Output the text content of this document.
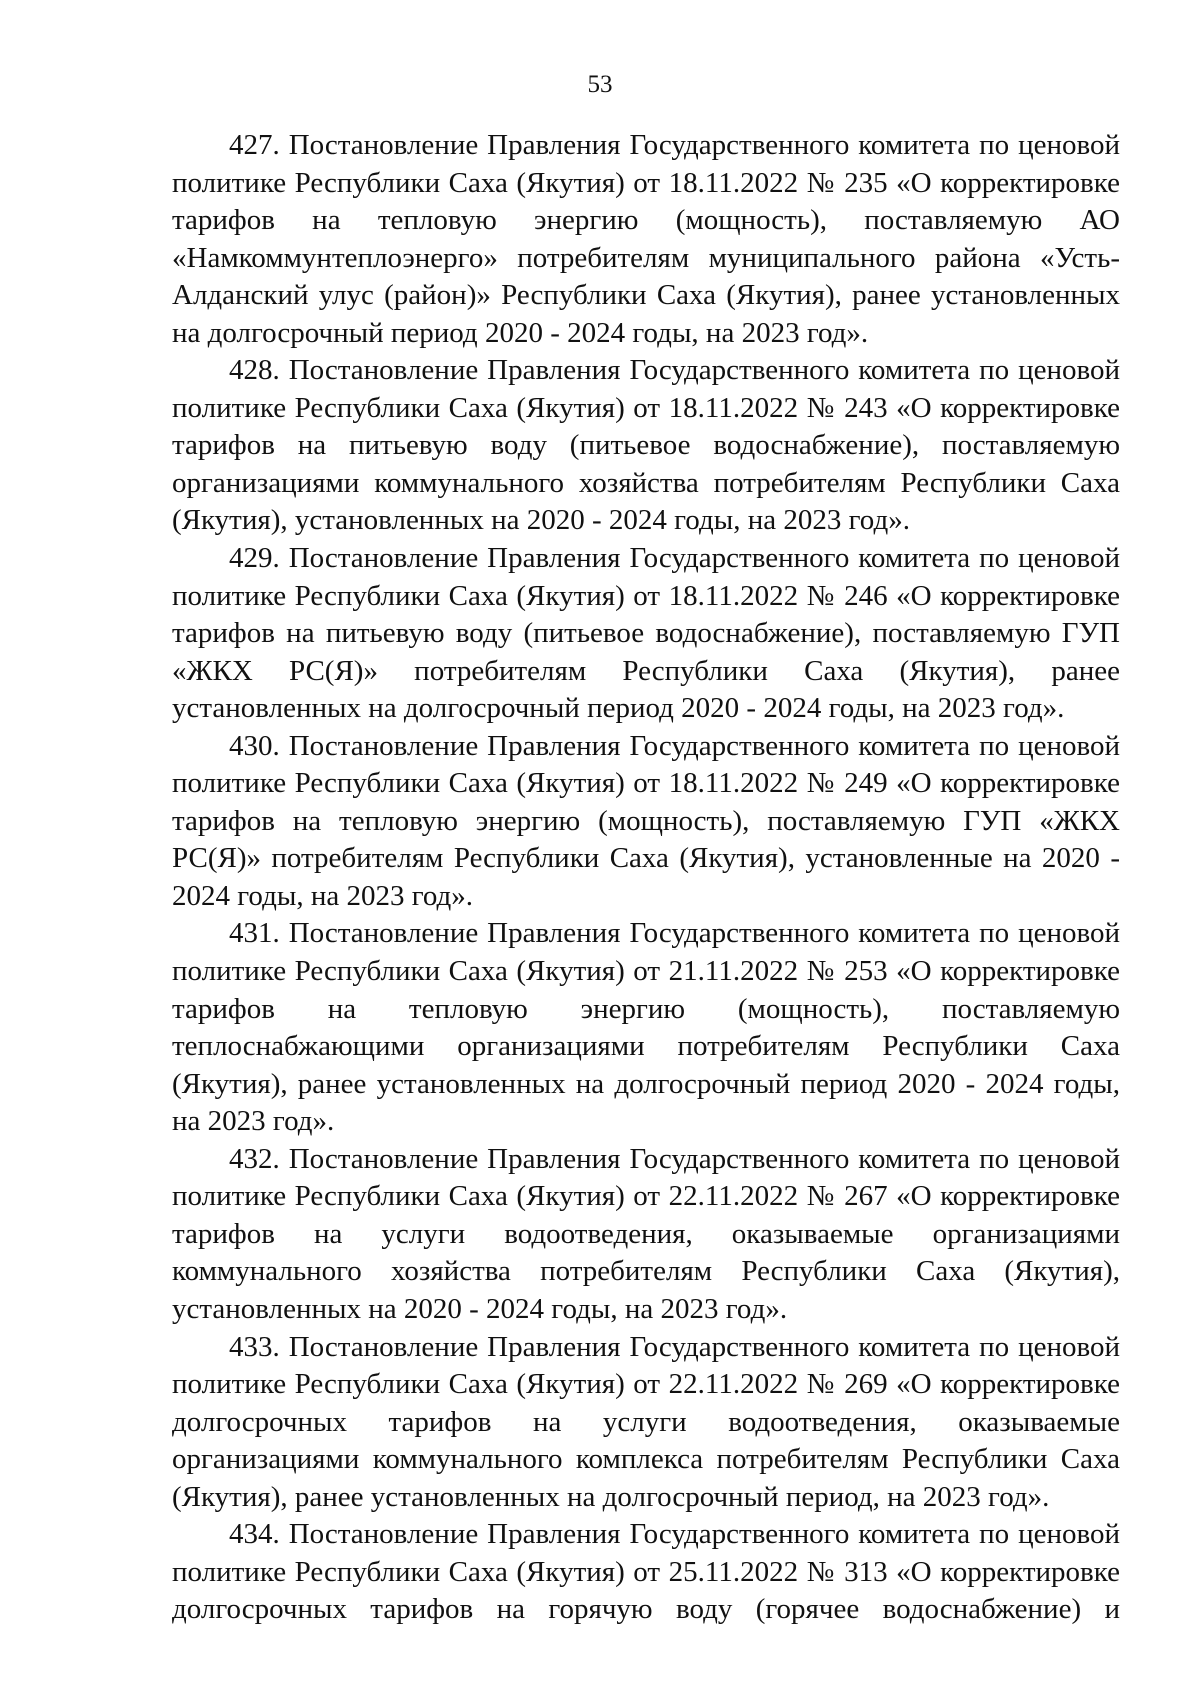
53

427. Постановление Правления Государственного комитета по ценовой политике Республики Саха (Якутия) от 18.11.2022 № 235 «О корректировке тарифов на тепловую энергию (мощность), поставляемую АО «Намкоммунтеплоэнерго» потребителям муниципального района «Усть-Алданский улус (район)» Республики Саха (Якутия), ранее установленных на долгосрочный период 2020 - 2024 годы, на 2023 год».

428. Постановление Правления Государственного комитета по ценовой политике Республики Саха (Якутия) от 18.11.2022 № 243 «О корректировке тарифов на питьевую воду (питьевое водоснабжение), поставляемую организациями коммунального хозяйства потребителям Республики Саха (Якутия), установленных на 2020 - 2024 годы, на 2023 год».

429. Постановление Правления Государственного комитета по ценовой политике Республики Саха (Якутия) от 18.11.2022 № 246 «О корректировке тарифов на питьевую воду (питьевое водоснабжение), поставляемую ГУП «ЖКХ РС(Я)» потребителям Республики Саха (Якутия), ранее установленных на долгосрочный период 2020 - 2024 годы, на 2023 год».

430. Постановление Правления Государственного комитета по ценовой политике Республики Саха (Якутия) от 18.11.2022 № 249 «О корректировке тарифов на тепловую энергию (мощность), поставляемую ГУП «ЖКХ РС(Я)» потребителям Республики Саха (Якутия), установленные на 2020 - 2024 годы, на 2023 год».

431. Постановление Правления Государственного комитета по ценовой политике Республики Саха (Якутия) от 21.11.2022 № 253 «О корректировке тарифов на тепловую энергию (мощность), поставляемую теплоснабжающими организациями потребителям Республики Саха (Якутия), ранее установленных на долгосрочный период 2020 - 2024 годы, на 2023 год».

432. Постановление Правления Государственного комитета по ценовой политике Республики Саха (Якутия) от 22.11.2022 № 267 «О корректировке тарифов на услуги водоотведения, оказываемые организациями коммунального хозяйства потребителям Республики Саха (Якутия), установленных на 2020 - 2024 годы, на 2023 год».

433. Постановление Правления Государственного комитета по ценовой политике Республики Саха (Якутия) от 22.11.2022 № 269 «О корректировке долгосрочных тарифов на услуги водоотведения, оказываемые организациями коммунального комплекса потребителям Республики Саха (Якутия), ранее установленных на долгосрочный период, на 2023 год».

434. Постановление Правления Государственного комитета по ценовой политике Республики Саха (Якутия) от 25.11.2022 № 313 «О корректировке долгосрочных тарифов на горячую воду (горячее водоснабжение) и
